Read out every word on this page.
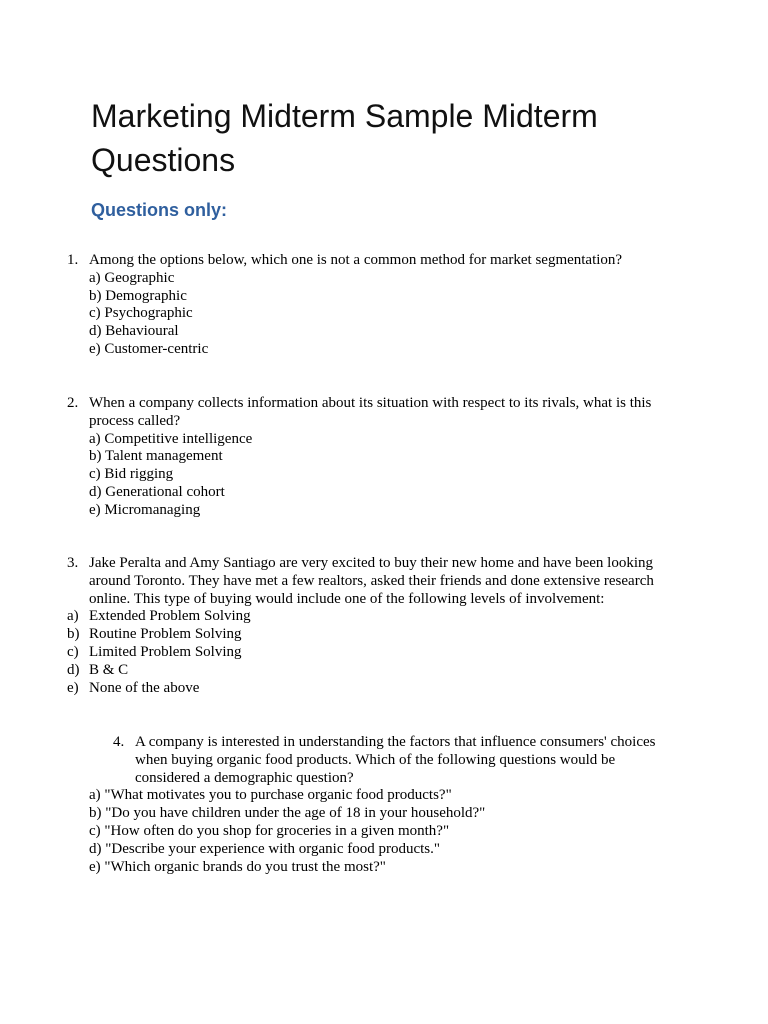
Marketing Midterm Sample Midterm Questions
Questions only:
1. Among the options below, which one is not a common method for market segmentation?

a) Geographic

b) Demographic

c) Psychographic

d) Behavioural

e) Customer-centric

2. When a company collects information about its situation with respect to its rivals, what is this process called?

a) Competitive intelligence

b) Talent management

c) Bid rigging

d) Generational cohort

e) Micromanaging

3. Jake Peralta and Amy Santiago are very excited to buy their new home and have been looking around Toronto. They have met a few realtors, asked their friends and done extensive research online. This type of buying would include one of the following levels of involvement:
a) Extended Problem Solving
b) Routine Problem Solving
c) Limited Problem Solving
d) B & C
e) None of the above
4. A company is interested in understanding the factors that influence consumers' choices when buying organic food products. Which of the following questions would be considered a demographic question?

a) "What motivates you to purchase organic food products?"

b) "Do you have children under the age of 18 in your household?"

c) "How often do you shop for groceries in a given month?"

d) "Describe your experience with organic food products."

e) "Which organic brands do you trust the most?"
